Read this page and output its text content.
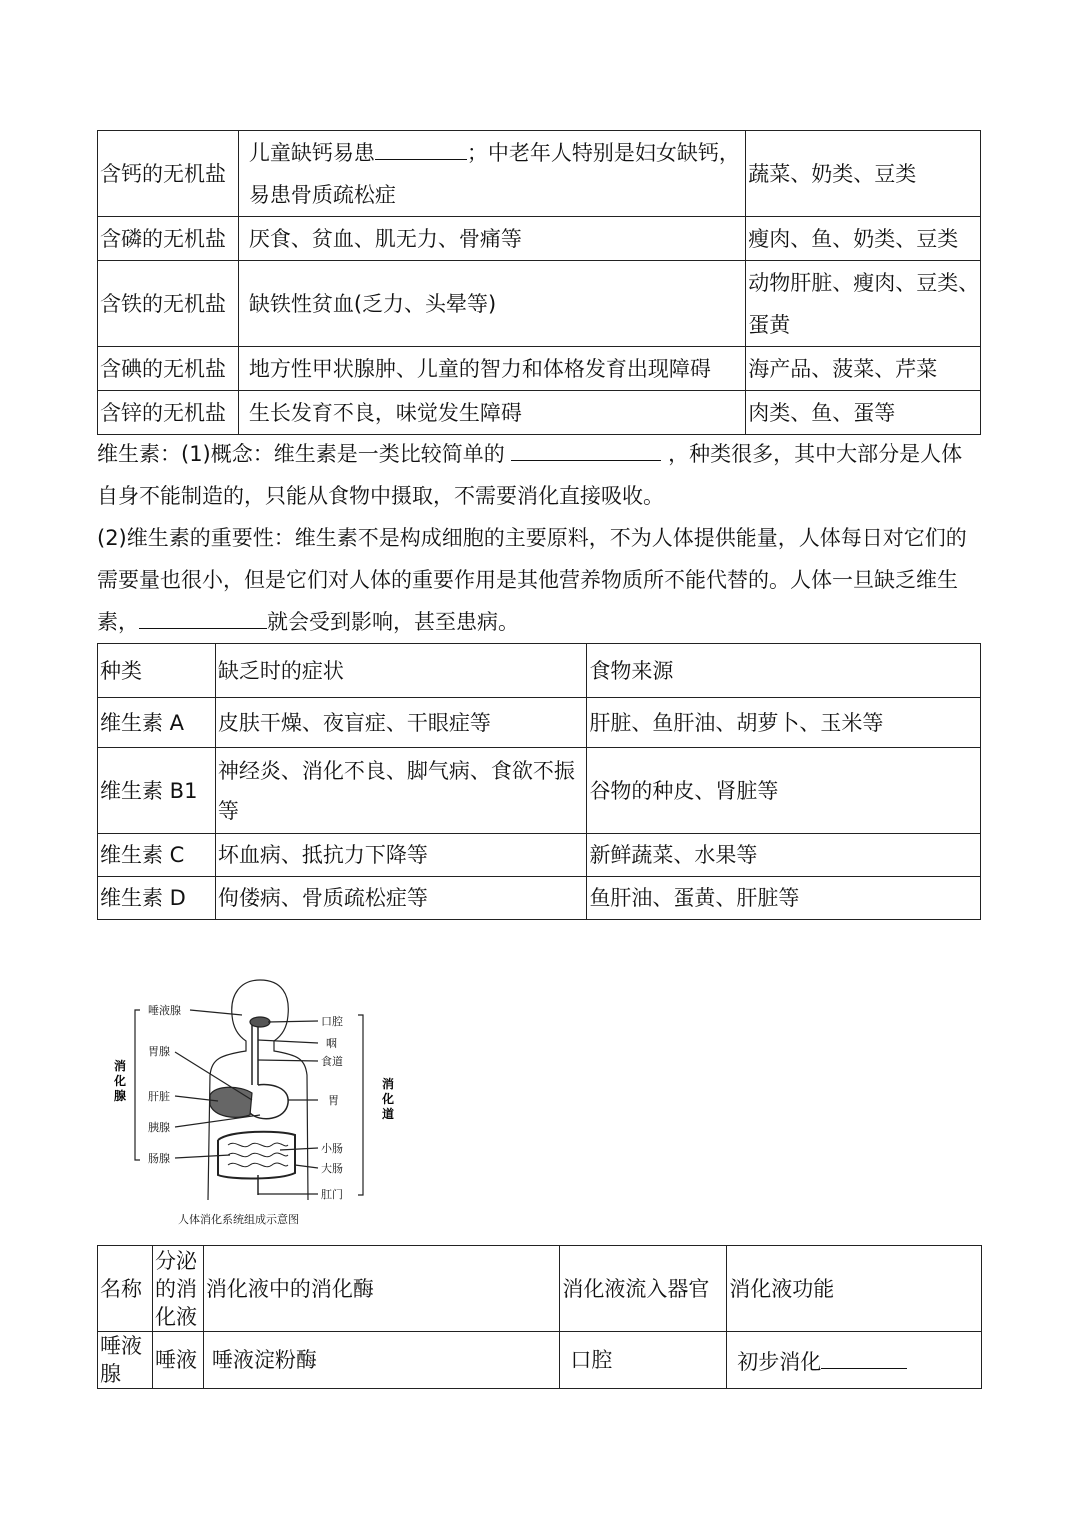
含钙的无机盐	儿童缺钙易患 ；中老年人特别是妇女缺钙，易患骨质疏松症	蔬菜、奶类、豆类
含磷的无机盐	厌食、贫血、肌无力、骨痛等	瘦肉、鱼、奶类、豆类
含铁的无机盐	缺铁性贫血(乏力、头晕等)	动物肝脏、瘦肉、豆类、蛋黄
含碘的无机盐	地方性甲状腺肿、儿童的智力和体格发育出现障碍	海产品、菠菜、芹菜
含锌的无机盐	生长发育不良，味觉发生障碍	肉类、鱼、蛋等

维生素：(1)概念：维生素是一类比较简单的	，种类很多，其中大部分是人体自身不能制造的，只能从食物中摄取，不需要消化直接吸收。

(2)维生素的重要性：维生素不是构成细胞的主要原料，不为人体提供能量，人体每日对它们的需要量也很小，但是它们对人体的重要作用是其他营养物质所不能代替的。人体一旦缺乏维生素，	就会受到影响，甚至患病。

种类	缺乏时的症状	食物来源
维生素 A	皮肤干燥、夜盲症、干眼症等	肝脏、鱼肝油、胡萝卜、玉米等
维生素 B1	神经炎、消化不良、脚气病、食欲不振等	谷物的种皮、肾脏等
维生素 C	坏血病、抵抗力下降等	新鲜蔬菜、水果等
维生素 D	佝偻病、骨质疏松症等	鱼肝油、蛋黄、肝脏等
唾液腺
胃腺
肝脏
胰腺
肠腺
口腔
咽
食道
胃
小肠
大肠
肛门
人体消化系统组成示意图
消化腺
消化道
名称	分泌的消化液	消化液中的消化酶	消化液流入器官	消化液功能
唾液腺	唾液	唾液淀粉酶	口腔	初步消化
